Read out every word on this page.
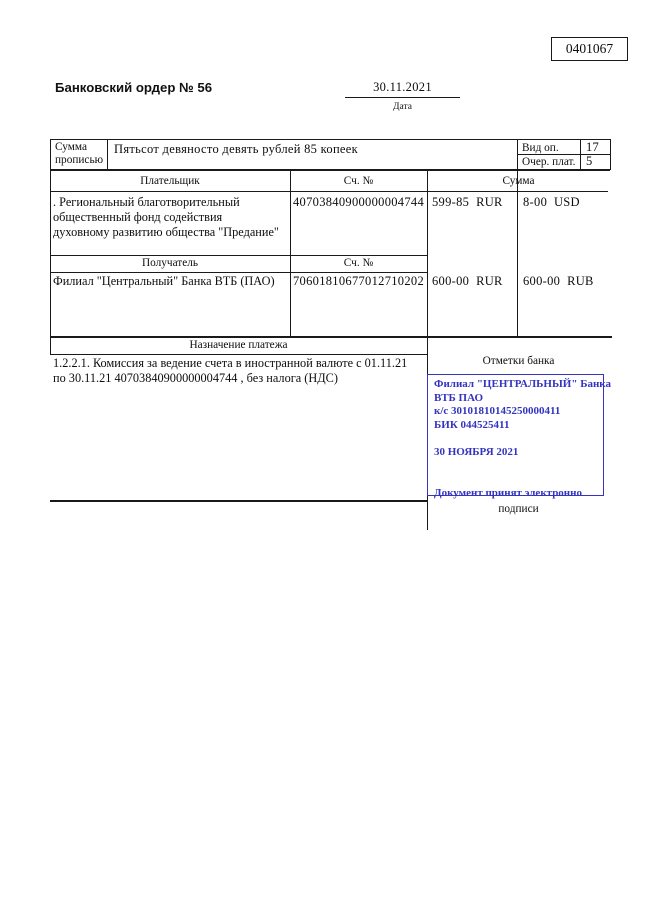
0401067
Банковский ордер № 56	30.11.2021
Дата
Сумма
прописью
Пятьсот девяносто девять рублей 85 копеек	Вид оп. 17
Очер. плат. 5
Плательщик	Сч. №	Сумма
. Региональный благотворительный
общественный фонд содействия
духовному развитию общества "Предание"
40703840900000004744 599-85  RUR 8-00  USD
Получатель	Сч. №
Филиал "Центральный" Банка ВТБ (ПАО) 70601810677012710202 600-00  RUR 600-00  RUB
Назначение платежа
1.2.2.1. Комиссия за ведение счета в иностранной валюте с 01.11.21
по 30.11.21 40703840900000004744 , без налога (НДС)
Отметки банка
Филиал "ЦЕНТРАЛЬНЫЙ" Банка
ВТБ ПАО
к/с 30101810145250000411
БИК 044525411
30 НОЯБРЯ 2021
Документ принят электронно
подписи
